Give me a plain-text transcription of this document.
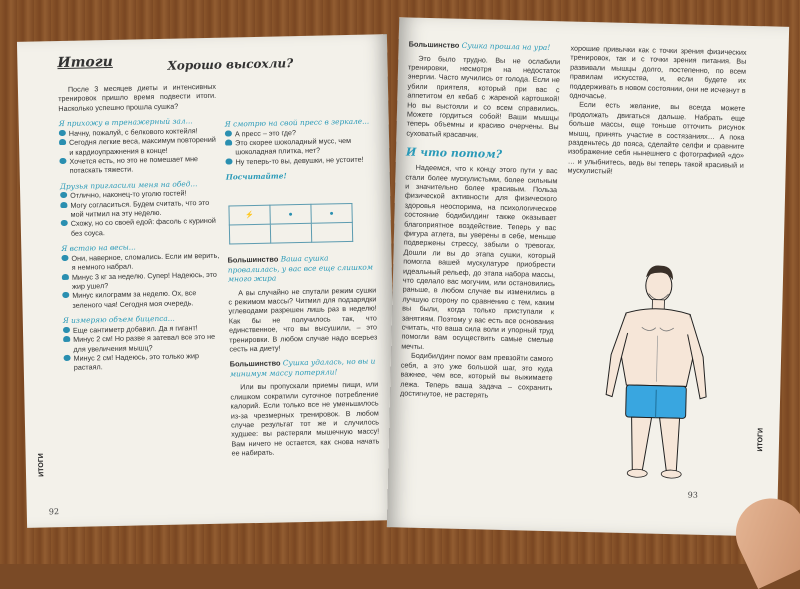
Итоги	Хорошо высохли?

После 3 месяцев диеты и интенсивных тренировок пришло время подвести итоги. Насколько успешно прошла сушка?

Я прихожу в тренажерный зал...
Начну, пожалуй, с белкового коктейля!
Сегодня легкие веса, максимум повторений и кардиоупражнения в конце!
Хочется есть, но это не помешает мне потаскать тяжести.
Друзья пригласили меня на обед...
Отлично, наконец-то уголю гостей!
Могу согласиться. Будем считать, что это мой читмил на эту неделю.
Схожу, но со своей едой: фасоль с куриной без соуса.
Я встаю на весы...
Они, наверное, сломались. Если им верить, я немного набрал.
Минус 3 кг за неделю. Супер! Надеюсь, это жир ушел?
Минус килограмм за неделю. Ох, все зеленого чая! Сегодня моя очередь.
Я измеряю объем бицепса...
Еще сантиметр добавил. Да я гигант!
Минус 2 см! Но разве я затевал все это не для увеличения мышц?
Минус 2 см! Надеюсь, это только жир растаял.
Я смотрю на свой пресс в зеркале...
А пресс – это где?
Это скорее шоколадный мусс, чем шоколадная плитка, нет?
Ну теперь-то вы, девушки, не устоите!
Посчитайте!
⚡	●	●

Большинство Ваша сушка провалилась, у вас все еще слишком много жира

А вы случайно не спутали режим сушки с режимом массы? Читмил для подзарядки углеводами разрешен лишь раз в неделю! Как бы не получилось так, что единственное, что вы высушили, – это тренировки. В любом случае надо всерьез сесть на диету!

Большинство Сушка удалась, но вы и минимум массу потеряли!

Или вы пропускали приемы пищи, или слишком сократили суточное потребление калорий. Если только все не уменьшилось из-за чрезмерных тренировок. В любом случае результат тот же и случилось худшее: вы растеряли мышечную массу! Вам ничего не остается, как снова начать ее набирать.

ИТОГИ
92
Большинство Сушка прошла на ура!

Это было трудно. Вы не ослабили тренировки, несмотря на недостаток энергии. Часто мучились от голода. Если не убили приятеля, который при вас с аппетитом ел кебаб с жареной картошкой! Но вы выстояли и со всем справились. Можете гордиться собой! Ваши мышцы теперь объемны и красиво очерчены. Вы суховатый красавчик.

И что потом?

Надеемся, что к концу этого пути у вас стали более мускулистыми, более сильным и значительно более красивым. Польза физической активности для физического здоровья неоспорима, на психологическое состояние бодибилдинг также оказывает благоприятное воздействие. Теперь у вас фигура атлета, вы уверены в себе, меньше подвержены стрессу, забыли о тревогах. Дошли ли вы до этапа сушки, который помогла вашей мускулатуре приобрести идеальный рельеф, до этапа набора массы, что сделало вас могучим, или остановились раньше, в любом случае вы изменились в лучшую сторону по сравнению с тем, каким вы были, когда только приступали к занятиям. Поэтому у вас есть все основания считать, что ваша сила воли и упорный труд помогли вам осуществить самые смелые мечты.

Бодибилдинг помог вам превзойти самого себя, а это уже большой шаг, это куда важнее, чем все, который вы выжимаете лежа. Теперь ваша задача – сохранить достигнутое, не растерять

хорошие привычки как с точки зрения физических тренировок, так и с точки зрения питания. Вы развивали мышцы долго, постепенно, по всем правилам искусства, и, если будете их поддерживать в новом состоянии, они не исчезнут в одночасье.

Если есть желание, вы всегда можете продолжать двигаться дальше. Набрать еще больше массы, еще тоньше отточить рисунок мышц, принять участие в состязаниях… А пока разденьтесь до пояса, сделайте селфи и сравните изображение себя нынешнего с фотографией «до» … и улыбнитесь, ведь вы теперь такой красивый и мускулистый!

ИТОГИ
93
